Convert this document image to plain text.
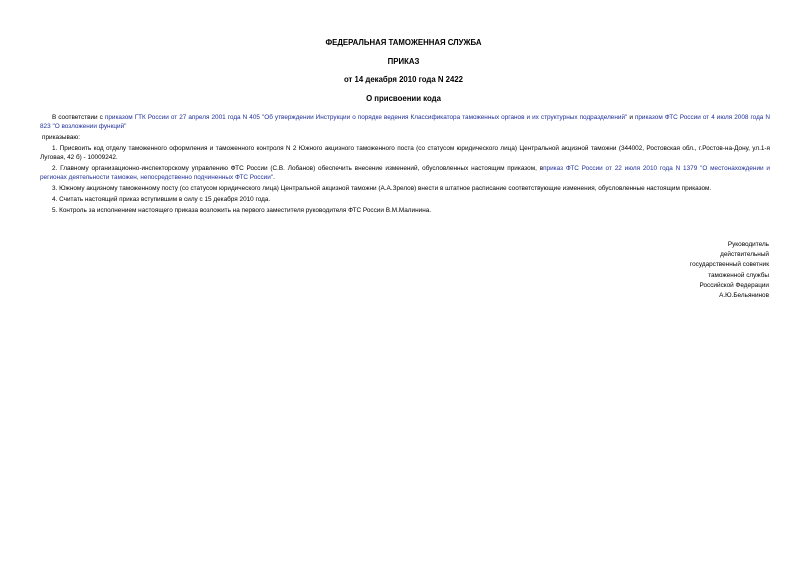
ФЕДЕРАЛЬНАЯ ТАМОЖЕННАЯ СЛУЖБА
ПРИКАЗ
от 14 декабря 2010 года N 2422
О присвоении кода

В соответствии с приказом ГТК России от 27 апреля 2001 года N 405 "Об утверждении Инструкции о порядке ведения Классификатора таможенных органов и их структурных подразделений" и приказом ФТС России от 4 июля 2008 года N 823 "О возложении функций"

приказываю:

1. Присвоить код отделу таможенного оформления и таможенного контроля N 2 Южного акцизного таможенного поста (со статусом юридического лица) Центральной акцизной таможни (344002, Ростовская обл., г.Ростов-на-Дону, ул.1-я Луговая, 42 б) - 10009242.

2. Главному организационно-инспекторскому управлению ФТС России (С.В. Лобанов) обеспечить внесение изменений, обусловленных настоящим приказом, вприказ ФТС России от 22 июля 2010 года N 1379 "О местонахождении и регионах деятельности таможен, непосредственно подчиненных ФТС России".

3. Южному акцизному таможенному посту (со статусом юридического лица) Центральной акцизной таможни (А.А.Зрелов) внести в штатное расписание соответствующие изменения, обусловленные настоящим приказом.

4. Считать настоящий приказ вступившим в силу с 15 декабря 2010 года.

5. Контроль за исполнением настоящего приказа возложить на первого заместителя руководителя ФТС России В.М.Малинина.

Руководитель
действительный
государственный советник
таможенной службы
Российской Федерации
А.Ю.Бельянинов
